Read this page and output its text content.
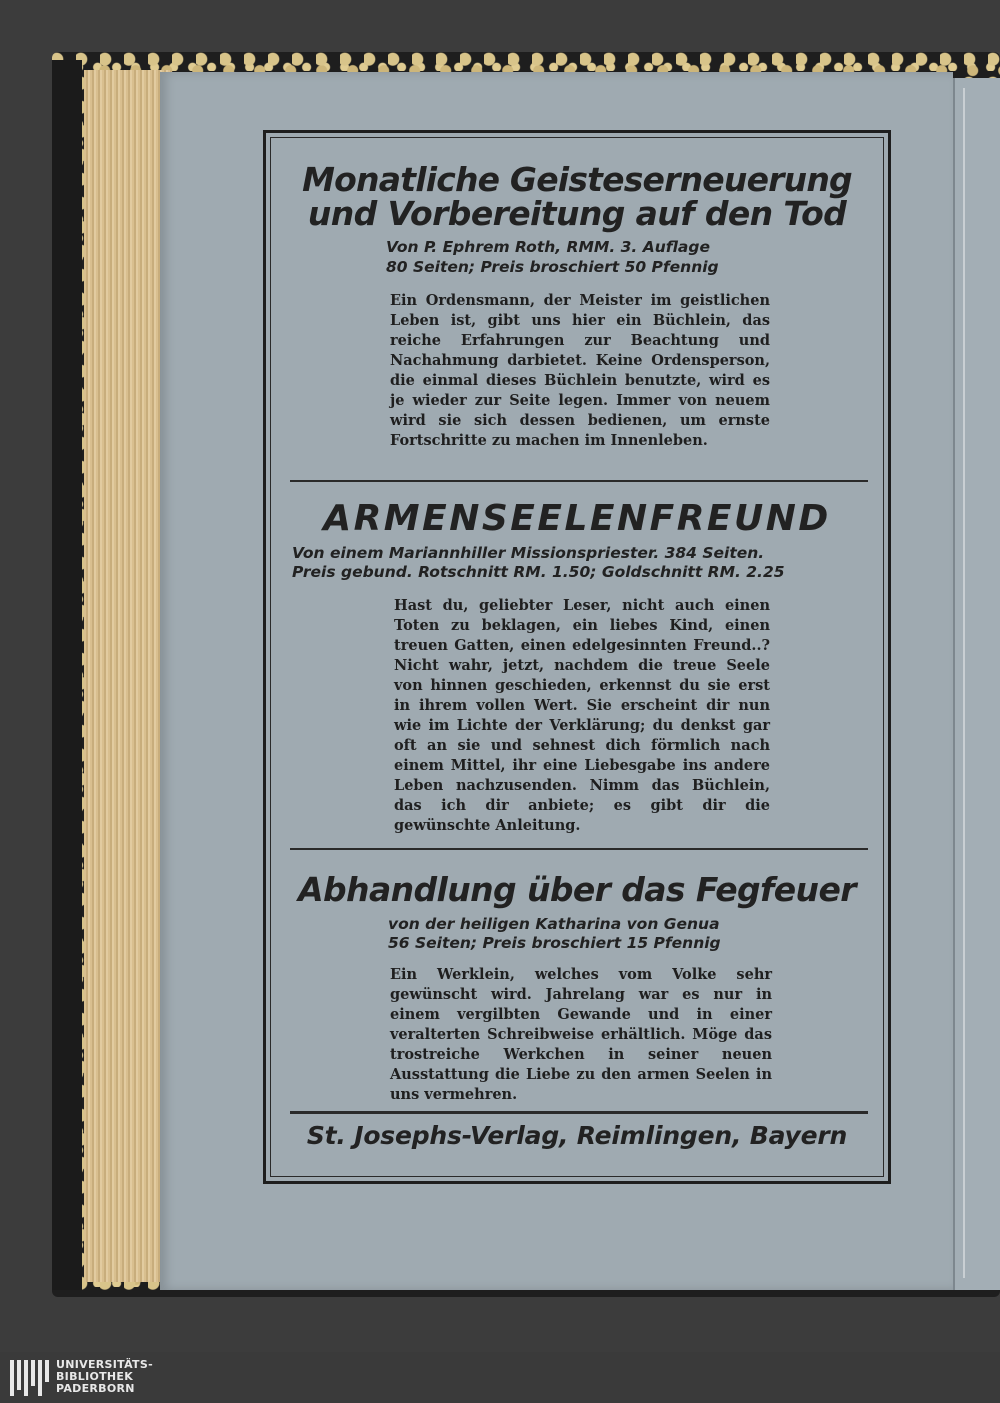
Monatliche Geisteserneuerung

und Vorbereitung auf den Tod

Von P. Ephrem Roth, RMM. 3. Auflage

80 Seiten; Preis broschiert 50 Pfennig

Ein Ordensmann, der Meister im geistlichen Leben ist, gibt uns hier ein Büchlein, das reiche Erfahrungen zur Beachtung und Nachahmung darbietet. Keine Ordensperson, die einmal dieses Büchlein benutzte, wird es je wieder zur Seite legen. Immer von neuem wird sie sich dessen bedienen, um ernste Fortschritte zu machen im Innenleben.

ARMENSEELENFREUND

Von einem Mariannhiller Missionspriester. 384 Seiten.

Preis gebund. Rotschnitt RM. 1.50; Goldschnitt RM. 2.25

Hast du, geliebter Leser, nicht auch einen Toten zu beklagen, ein liebes Kind, einen treuen Gatten, einen edelgesinnten Freund..? Nicht wahr, jetzt, nachdem die treue Seele von hinnen geschieden, erkennst du sie erst in ihrem vollen Wert. Sie erscheint dir nun wie im Lichte der Verklärung; du denkst gar oft an sie und sehnest dich förmlich nach einem Mittel, ihr eine Liebesgabe ins andere Leben nachzusenden. Nimm das Büchlein, das ich dir anbiete; es gibt dir die gewünschte Anleitung.

Abhandlung über das Fegfeuer

von der heiligen Katharina von Genua

56 Seiten; Preis broschiert 15 Pfennig

Ein Werklein, welches vom Volke sehr gewünscht wird. Jahrelang war es nur in einem vergilbten Gewande und in einer veralterten Schreibweise erhältlich. Möge das trostreiche Werkchen in seiner neuen Ausstattung die Liebe zu den armen Seelen in uns vermehren.

St. Josephs-Verlag, Reimlingen, Bayern

UNIVERSITÄTS-
BIBLIOTHEK
PADERBORN
